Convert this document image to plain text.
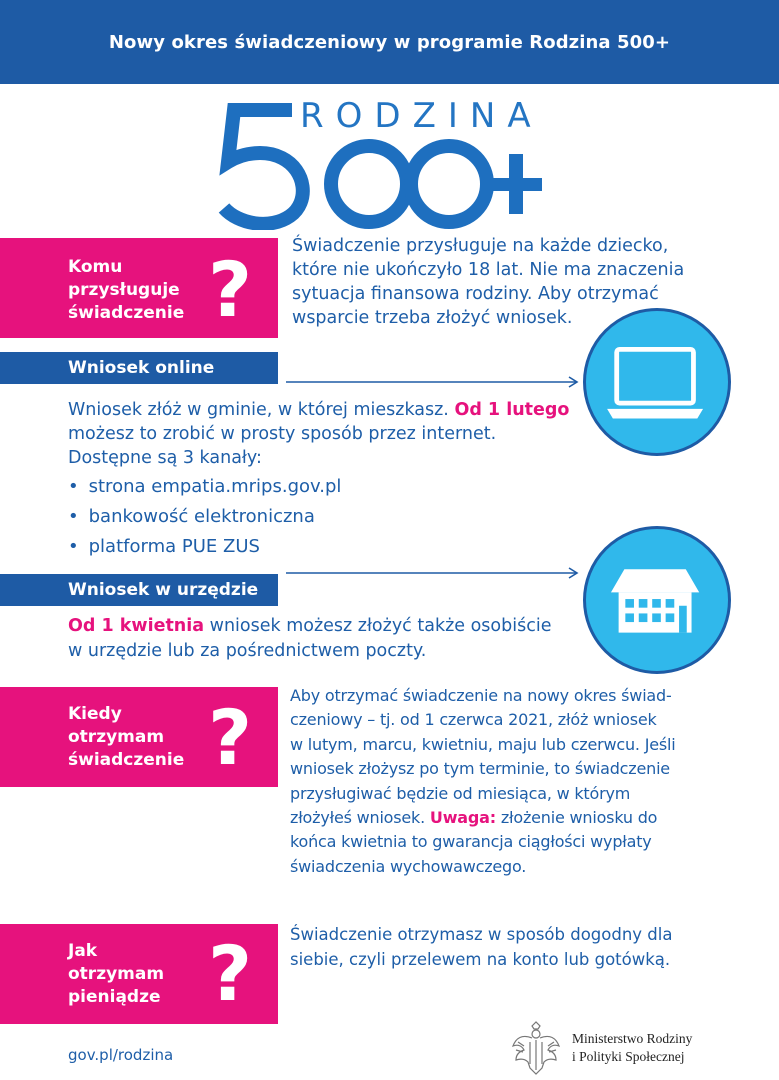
Nowy okres świadczeniowy w programie Rodzina 500+
RODZINA
Komu
przysługuje
świadczenie ? Świadczenie przysługuje na każde dziecko,
które nie ukończyło 18 lat. Nie ma znaczenia
sytuacja finansowa rodziny. Aby otrzymać
wsparcie trzeba złożyć wniosek.
Wniosek online
Wniosek złóż w gminie, w której mieszkasz. Od 1 lutego
możesz to zrobić w prosty sposób przez internet.
Dostępne są 3 kanały:
• strona empatia.mrips.gov.pl
• bankowość elektroniczna
• platforma PUE ZUS
Wniosek w urzędzie
Od 1 kwietnia wniosek możesz złożyć także osobiście
w urzędzie lub za pośrednictwem poczty.
Kiedy
otrzymam
świadczenie ? Aby otrzymać świadczenie na nowy okres świad-
czeniowy – tj. od 1 czerwca 2021, złóż wniosek
w lutym, marcu, kwietniu, maju lub czerwcu. Jeśli
wniosek złożysz po tym terminie, to świadczenie
przysługiwać będzie od miesiąca, w którym
złożyłeś wniosek. Uwaga: złożenie wniosku do
końca kwietnia to gwarancja ciągłości wypłaty
świadczenia wychowawczego.
Jak
otrzymam
pieniądze ? Świadczenie otrzymasz w sposób dogodny dla
siebie, czyli przelewem na konto lub gotówką.
gov.pl/rodzina
Ministerstwo Rodziny
i Polityki Społecznej
